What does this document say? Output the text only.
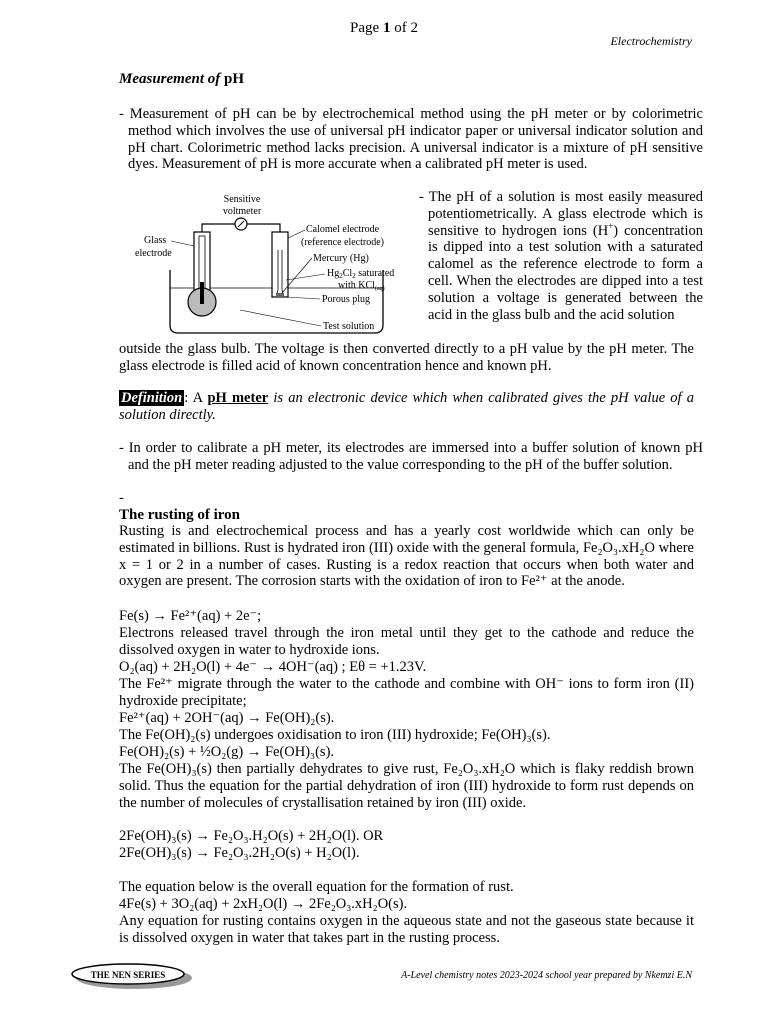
Page 1 of 2
Electrochemistry
Measurement of pH

- Measurement of pH can be by electrochemical method using the pH meter or by colorimetric method which involves the use of universal pH indicator paper or universal indicator solution and pH chart. Colorimetric method lacks precision. A universal indicator is a mixture of pH sensitive dyes. Measurement of pH is more accurate when a calibrated pH meter is used.

Sensitive
voltmeter
Glass
electrode
Calomel electrode
(reference electrode)
Mercury (Hg)
$Hg_2Cl_2$ saturated
with KCl$_{(aq)}$
Porous plug
Test solution

- The pH of a solution is most easily measured potentiometrically. A glass electrode which is sensitive to hydrogen ions (H+) concentration is dipped into a test solution with a saturated calomel as the reference electrode to form a cell. When the electrodes are dipped into a test solution a voltage is generated between the acid in the glass bulb and the acid solution

outside the glass bulb. The voltage is then converted directly to a pH value by the pH meter. The glass electrode is filled acid of known concentration hence and known pH.

Definition : A pH meter is an electronic device which when calibrated gives the pH value of a solution directly.

- In order to calibrate a pH meter, its electrodes are immersed into a buffer solution of known pH and the pH meter reading adjusted to the value corresponding to the pH of the buffer solution.

-
The rusting of iron

Rusting is and electrochemical process and has a yearly cost worldwide which can only be estimated in billions. Rust is hydrated iron (III) oxide with the general formula, Fe₂O₃.xH₂O where x = 1 or 2 in a number of cases. Rusting is a redox reaction that occurs when both water and oxygen are present. The corrosion starts with the oxidation of iron to Fe²⁺ at the anode.

Fe(s) → Fe²⁺(aq) + 2e⁻;

Electrons released travel through the iron metal until they get to the cathode and reduce the dissolved oxygen in water to hydroxide ions.

O₂(aq) + 2H₂O(l) + 4e⁻ → 4OH⁻(aq) ; Eθ = +1.23V.

The Fe²⁺ migrate through the water to the cathode and combine with OH⁻ ions to form iron (II) hydroxide precipitate;

Fe²⁺(aq) + 2OH⁻(aq) → Fe(OH)₂(s).

The Fe(OH)₂(s) undergoes oxidisation to iron (III) hydroxide; Fe(OH)₃(s).

Fe(OH)₂(s) + ½O₂(g) → Fe(OH)₃(s).

The Fe(OH)₃(s) then partially dehydrates to give rust, Fe₂O₃.xH₂O which is flaky reddish brown solid. Thus the equation for the partial dehydration of iron (III) hydroxide to form rust depends on the number of molecules of crystallisation retained by iron (III) oxide.

2Fe(OH)₃(s) → Fe₂O₃.H₂O(s) + 2H₂O(l). OR

2Fe(OH)₃(s) → Fe₂O₃.2H₂O(s) + H₂O(l).

The equation below is the overall equation for the formation of rust.

4Fe(s) + 3O₂(aq) + 2xH₂O(l) → 2Fe₂O₃.xH₂O(s).

Any equation for rusting contains oxygen in the aqueous state and not the gaseous state because it is dissolved oxygen in water that takes part in the rusting process.

THE NEN SERIES	A-Level chemistry notes 2023-2024 school year prepared by Nkemzi E.N
